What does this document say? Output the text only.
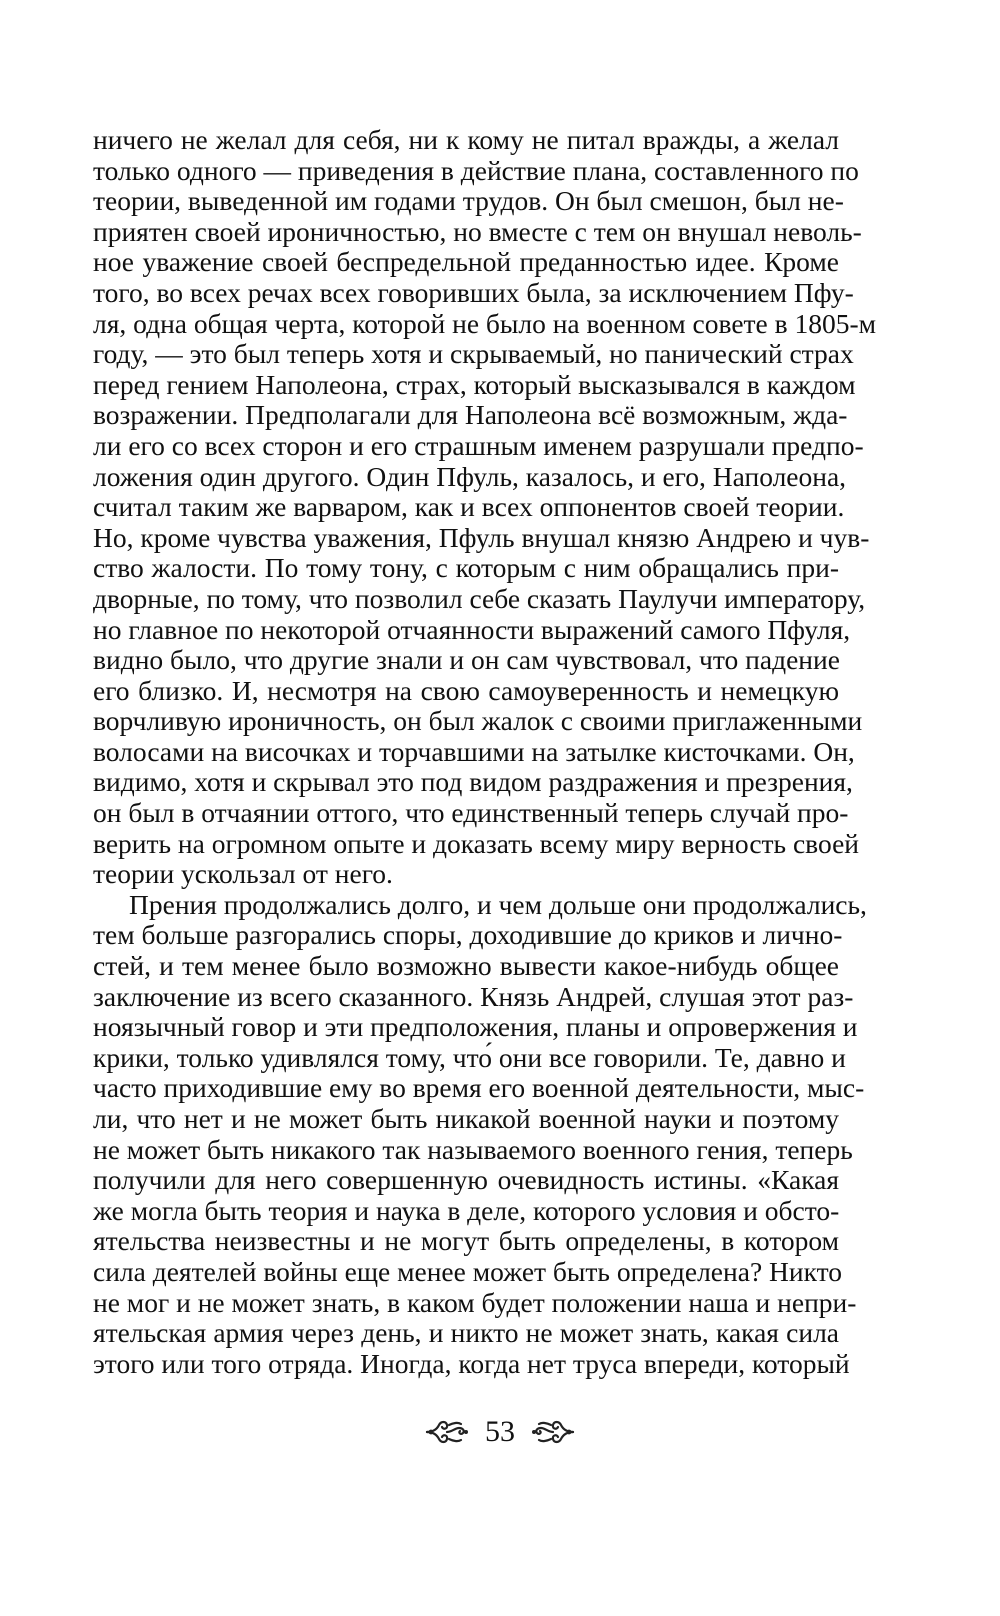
ничего не желал для себя, ни к кому не питал вражды, а желал
только одного — приведения в действие плана, составленного по
теории, выведенной им годами трудов. Он был смешон, был не-
приятен своей ироничностью, но вместе с тем он внушал неволь-
ное уважение своей беспредельной преданностью идее. Кроме
того, во всех речах всех говоривших была, за исключением Пфу-
ля, одна общая черта, которой не было на военном совете в 1805-м
году, — это был теперь хотя и скрываемый, но панический страх
перед гением Наполеона, страх, который высказывался в каждом
возражении. Предполагали для Наполеона всё возможным, жда-
ли его со всех сторон и его страшным именем разрушали предпо-
ложения один другого. Один Пфуль, казалось, и его, Наполеона,
считал таким же варваром, как и всех оппонентов своей теории.
Но, кроме чувства уважения, Пфуль внушал князю Андрею и чув-
ство жалости. По тому тону, с которым с ним обращались при-
дворные, по тому, что позволил себе сказать Паулучи императору,
но главное по некоторой отчаянности выражений самого Пфуля,
видно было, что другие знали и он сам чувствовал, что падение
его близко. И, несмотря на свою самоуверенность и немецкую
ворчливую ироничность, он был жалок с своими приглаженными
волосами на височках и торчавшими на затылке кисточками. Он,
видимо, хотя и скрывал это под видом раздражения и презрения,
он был в отчаянии оттого, что единственный теперь случай про-
верить на огромном опыте и доказать всему миру верность своей
теории ускользал от него.
Прения продолжались долго, и чем дольше они продолжались,
тем больше разгорались споры, доходившие до криков и лично-
стей, и тем менее было возможно вывести какое-нибудь общее
заключение из всего сказанного. Князь Андрей, слушая этот раз-
ноязычный говор и эти предположения, планы и опровержения и
крики, только удивлялся тому, что́ они все говорили. Те, давно и
часто приходившие ему во время его военной деятельности, мыс-
ли, что нет и не может быть никакой военной науки и поэтому
не может быть никакого так называемого военного гения, теперь
получили для него совершенную очевидность истины. «Какая
же могла быть теория и наука в деле, которого условия и обсто-
ятельства неизвестны и не могут быть определены, в котором
сила деятелей войны еще менее может быть определена? Никто
не мог и не может знать, в каком будет положении наша и непри-
ятельская армия через день, и никто не может знать, какая сила
этого или того отряда. Иногда, когда нет труса впереди, который
53
